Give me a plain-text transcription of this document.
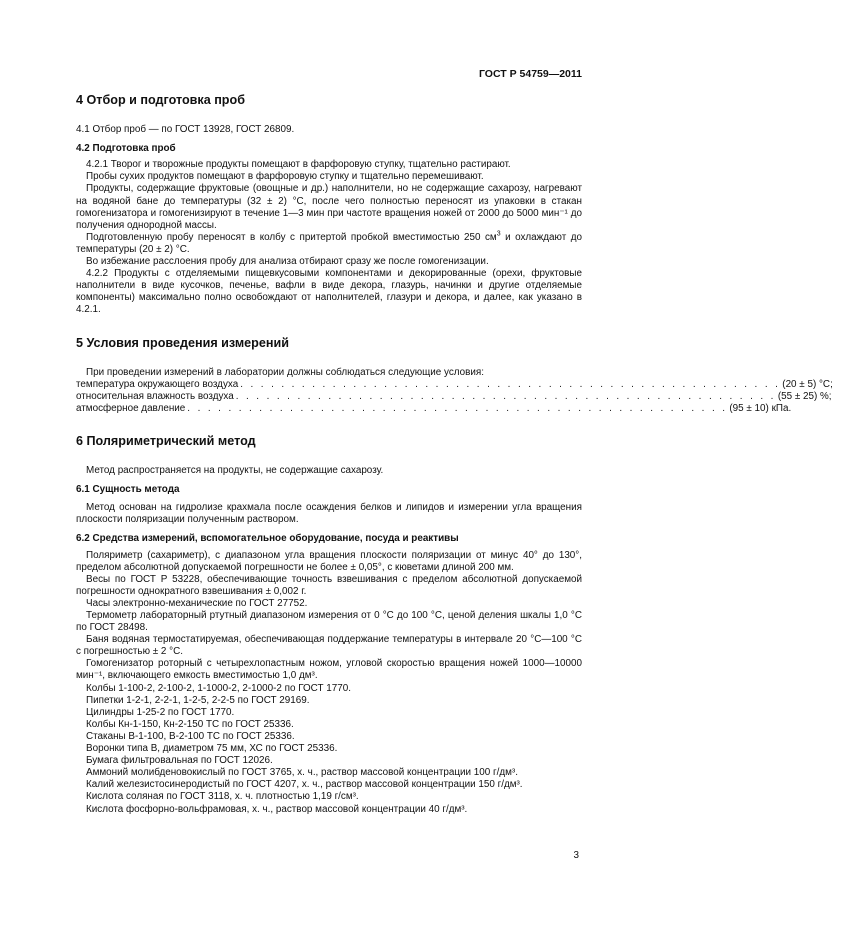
ГОСТ Р 54759—2011
4 Отбор и подготовка проб

4.1 Отбор проб — по ГОСТ 13928, ГОСТ 26809.

4.2 Подготовка проб

4.2.1 Творог и творожные продукты помещают в фарфоровую ступку, тщательно растирают.

Пробы сухих продуктов помещают в фарфоровую ступку и тщательно перемешивают.

Продукты, содержащие фруктовые (овощные и др.) наполнители, но не содержащие сахарозу, нагревают на водяной бане до температуры (32 ± 2) °С, после чего полностью переносят из упаковки в стакан гомогенизатора и гомогенизируют в течение 1—3 мин при частоте вращения ножей от 2000 до 5000 мин⁻¹ до получения однородной массы.

Подготовленную пробу переносят в колбу с притертой пробкой вместимостью 250 $см^3$ и охлаждают до температуры (20 ± 2) °С.

Во избежание расслоения пробу для анализа отбирают сразу же после гомогенизации.

4.2.2 Продукты с отделяемыми пищевкусовыми компонентами и декорированные (орехи, фруктовые наполнители в виде кусочков, печенье, вафли в виде декора, глазурь, начинки и другие отделяемые компоненты) максимально полно освобождают от наполнителей, глазури и декора, и далее, как указано в 4.2.1.

5 Условия проведения измерений

При проведении измерений в лаборатории должны соблюдаться следующие условия:

температура окружающего воздуха . . . . . . . . . . . . . . . . . . . . . . . . . . . . . . . . . . . . . . . . . . . . . . . . . . . . . (20 ± 5) °С;
относительная влажность воздуха . . . . . . . . . . . . . . . . . . . . . . . . . . . . . . . . . . . . . . . . . . . . . . . . . . . . . (55 ± 25) %;
атмосферное давление . . . . . . . . . . . . . . . . . . . . . . . . . . . . . . . . . . . . . . . . . . . . . . . . . . . . . (95 ± 10) кПа.
6 Поляриметрический метод

Метод распространяется на продукты, не содержащие сахарозу.

6.1 Сущность метода

Метод основан на гидролизе крахмала после осаждения белков и липидов и измерении угла вращения плоскости поляризации полученным раствором.

6.2 Средства измерений, вспомогательное оборудование, посуда и реактивы

Поляриметр (сахариметр), с диапазоном угла вращения плоскости поляризации от минус 40° до 130°, пределом абсолютной допускаемой погрешности не более ± 0,05°, с кюветами длиной 200 мм.

Весы по ГОСТ Р 53228, обеспечивающие точность взвешивания с пределом абсолютной допускаемой погрешности однократного взвешивания ± 0,002 г.

Часы электронно-механические по ГОСТ 27752.

Термометр лабораторный ртутный диапазоном измерения от 0 °С до 100 °С, ценой деления шкалы 1,0 °С по ГОСТ 28498.

Баня водяная термостатируемая, обеспечивающая поддержание температуры в интервале 20 °С—100 °С с погрешностью ± 2 °С.

Гомогенизатор роторный с четырехлопастным ножом, угловой скоростью вращения ножей 1000—10000 мин⁻¹, включающего емкость вместимостью 1,0 дм³.

Колбы 1-100-2, 2-100-2, 1-1000-2, 2-1000-2 по ГОСТ 1770.

Пипетки 1-2-1, 2-2-1, 1-2-5, 2-2-5 по ГОСТ 29169.

Цилиндры 1-25-2 по ГОСТ 1770.

Колбы Кн-1-150, Кн-2-150 ТС по ГОСТ 25336.

Стаканы В-1-100, В-2-100 ТС по ГОСТ 25336.

Воронки типа В, диаметром 75 мм, ХС по ГОСТ 25336.

Бумага фильтровальная по ГОСТ 12026.

Аммоний молибденовокислый по ГОСТ 3765, х. ч., раствор массовой концентрации 100 г/дм³.

Калий железистосинеродистый по ГОСТ 4207, х. ч., раствор массовой концентрации 150 г/дм³.

Кислота соляная по ГОСТ 3118, х. ч. плотностью 1,19 г/см³.

Кислота фосфорно-вольфрамовая, х. ч., раствор массовой концентрации 40 г/дм³.

3
